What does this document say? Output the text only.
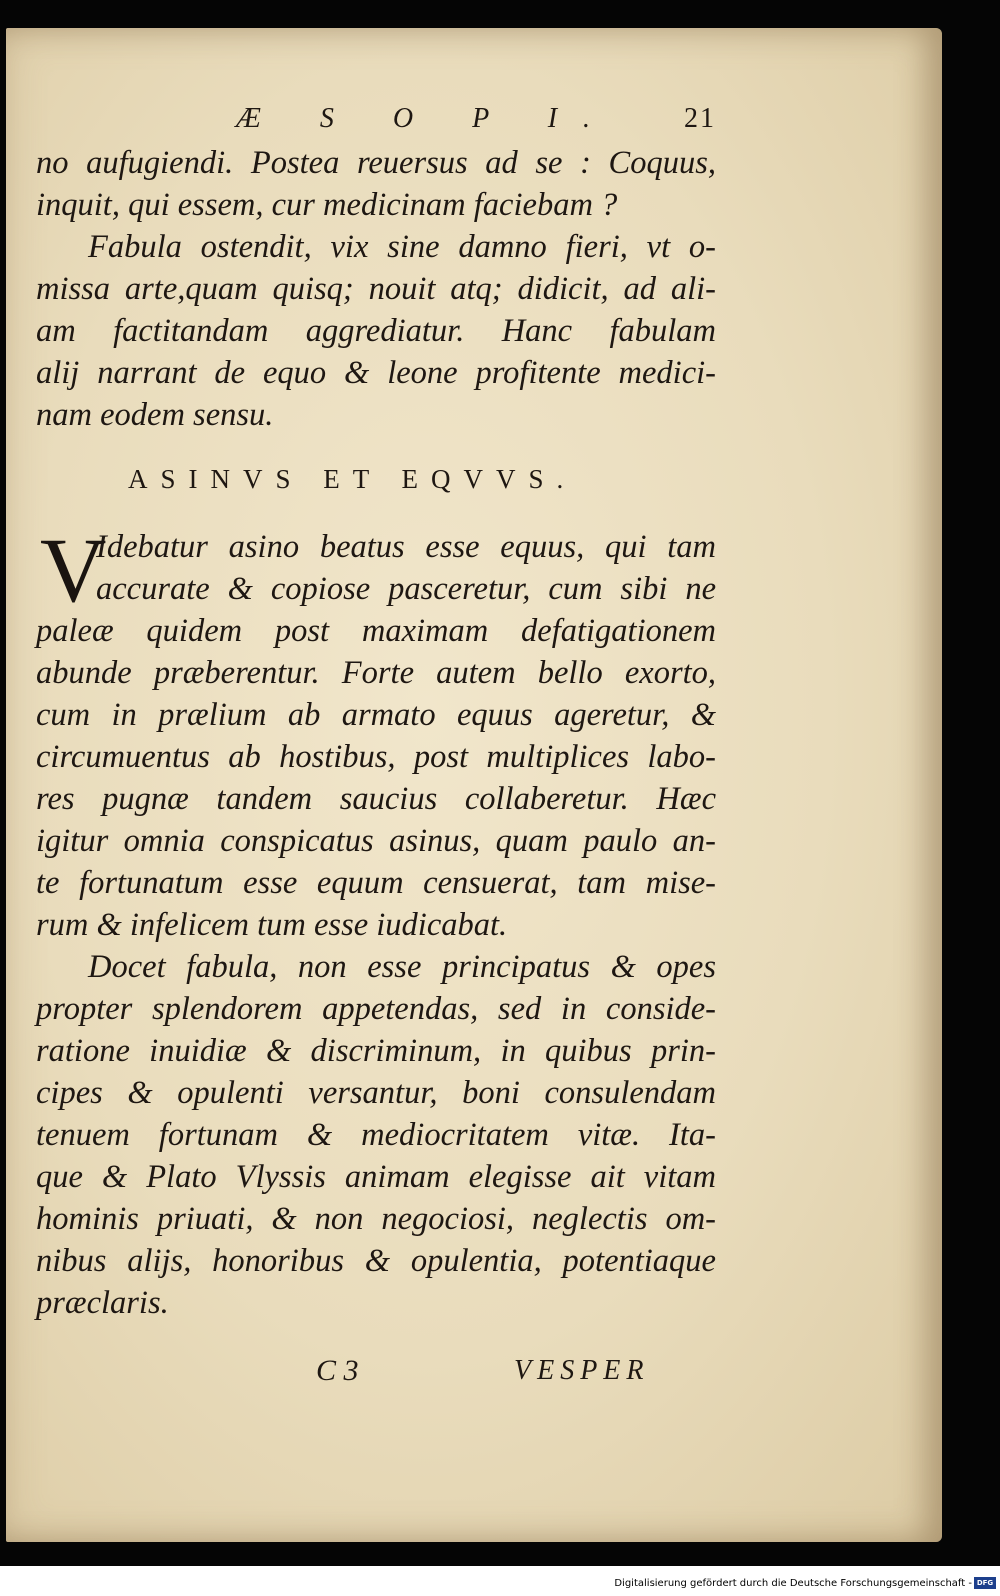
Æ S O P I. 21
no aufugiendi. Postea reuersus ad se : Coquus,
inquit, qui essem, cur medicinam faciebam ?
Fabula ostendit, vix sine damno fieri, vt o-
missa arte,quam quisq; nouit atq; didicit, ad ali-
am factitandam aggrediatur. Hanc fabulam
alij narrant de equo & leone profitente medici-
nam eodem sensu.
ASINVS ET EQVVS.
V
Idebatur asino beatus esse equus, qui tam
accurate & copiose pasceretur, cum sibi ne
paleæ quidem post maximam defatigationem
abunde præberentur. Forte autem bello exorto,
cum in prælium ab armato equus ageretur, &
circumuentus ab hostibus, post multiplices labo-
res pugnæ tandem saucius collaberetur. Hæc
igitur omnia conspicatus asinus, quam paulo an-
te fortunatum esse equum censuerat, tam mise-
rum & infelicem tum esse iudicabat.
Docet fabula, non esse principatus & opes
propter splendorem appetendas, sed in conside-
ratione inuidiæ & discriminum, in quibus prin-
cipes & opulenti versantur, boni consulendam
tenuem fortunam & mediocritatem vitæ. Ita-
que & Plato Vlyssis animam elegisse ait vitam
hominis priuati, & non negociosi, neglectis om-
nibus alijs, honoribus & opulentia, potentiaque
præclaris.
C 3	VESPER
Digitalisierung gefördert durch die Deutsche Forschungsgemeinschaft - DFG
